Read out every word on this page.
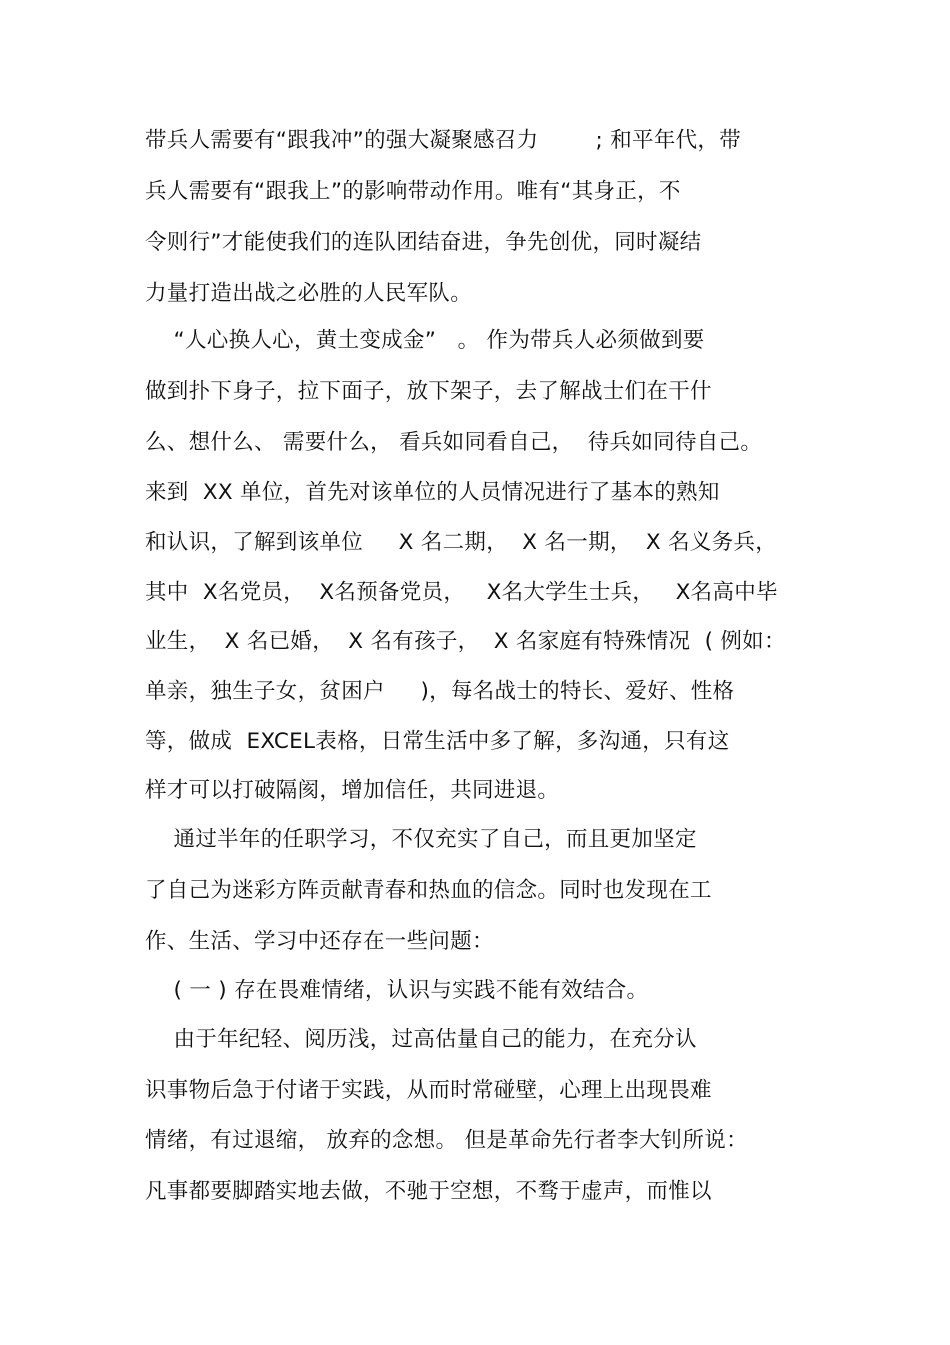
带兵人需要有“跟我冲”的强大凝聚感召力        ; 和平年代，带
兵人需要有“跟我上”的影响带动作用。唯有“其身正，不
令则行”才能使我们的连队团结奋进，争先创优，同时凝结
力量打造出战之必胜的人民军队。
“人心换人心，黄土变成金”   。 作为带兵人必须做到要
做到扑下身子，拉下面子，放下架子，去了解战士们在干什
么、想什么、 需要什么， 看兵如同看自己，  待兵如同待自己。
来到  XX 单位，首先对该单位的人员情况进行了基本的熟知
和认识，了解到该单位     X 名二期，  X 名一期，  X 名义务兵，
其中  X名党员，  X名预备党员，   X名大学生士兵，   X名高中毕
业生，  X 名已婚，  X 名有孩子，  X 名家庭有特殊情况  ( 例如：
单亲，独生子女，贫困户     )，每名战士的特长、爱好、性格
等，做成  EXCEL表格，日常生活中多了解，多沟通，只有这
样才可以打破隔阂，增加信任，共同进退。
通过半年的任职学习，不仅充实了自己，而且更加坚定
了自己为迷彩方阵贡献青春和热血的信念。同时也发现在工
作、生活、学习中还存在一些问题：
( 一 ) 存在畏难情绪，认识与实践不能有效结合。
由于年纪轻、阅历浅，过高估量自己的能力，在充分认
识事物后急于付诸于实践，从而时常碰壁，心理上出现畏难
情绪，有过退缩， 放弃的念想。 但是革命先行者李大钊所说：
凡事都要脚踏实地去做，不驰于空想，不骛于虚声，而惟以
